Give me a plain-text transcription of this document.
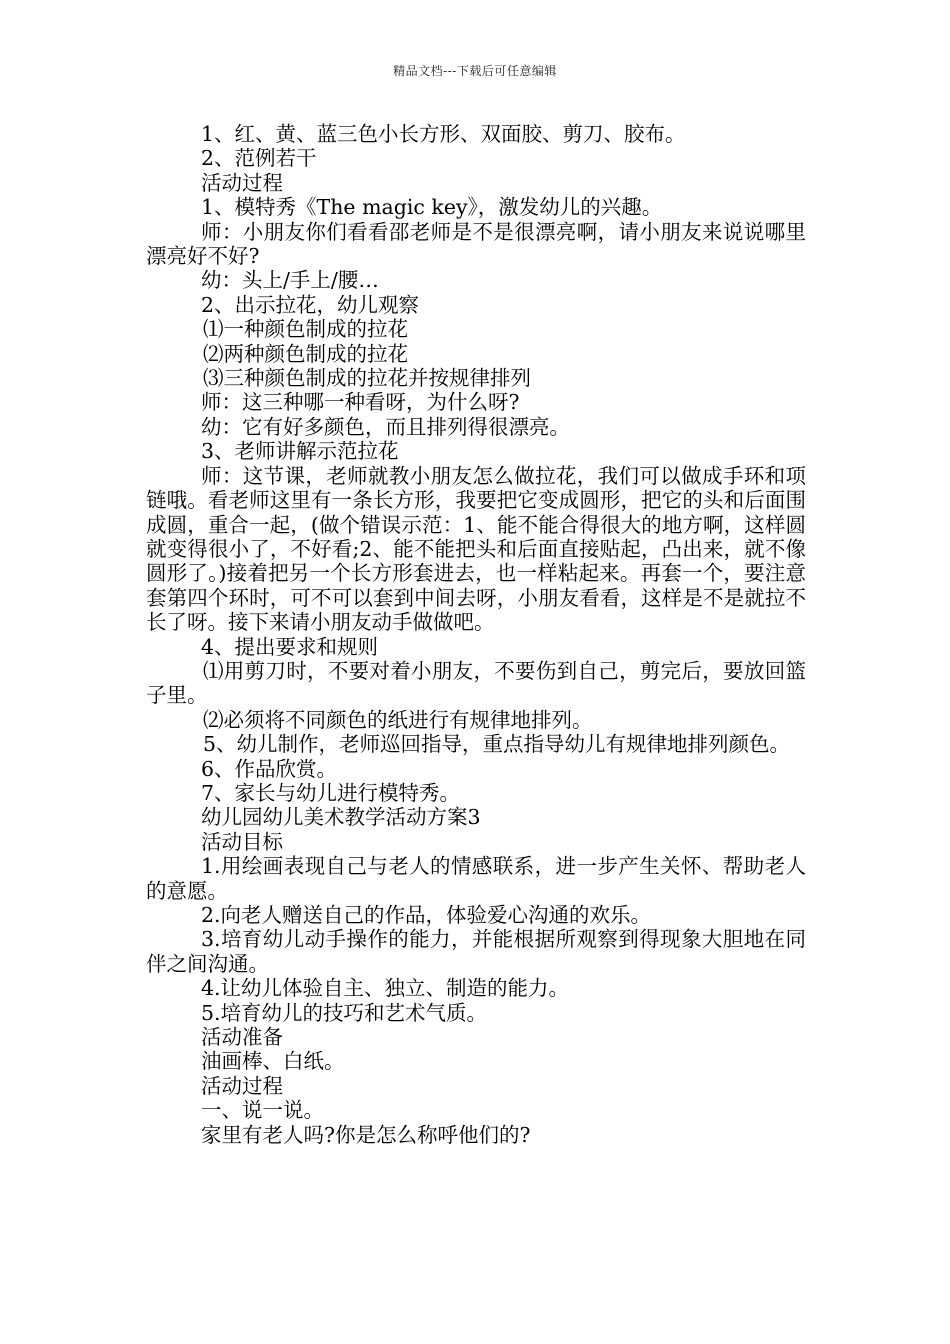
精品文档---下载后可任意编辑

1、红、黄、蓝三色小长方形、双面胶、剪刀、胶布。

2、范例若干

活动过程

1、模特秀《The magic key》，激发幼儿的兴趣。

师：小朋友你们看看邵老师是不是很漂亮啊，请小朋友来说说哪里漂亮好不好?

幼：头上/手上/腰…

2、出示拉花，幼儿观察

⑴一种颜色制成的拉花

⑵两种颜色制成的拉花

⑶三种颜色制成的拉花并按规律排列

师：这三种哪一种看呀，为什么呀?

幼：它有好多颜色，而且排列得很漂亮。

3、老师讲解示范拉花

师：这节课，老师就教小朋友怎么做拉花，我们可以做成手环和项链哦。看老师这里有一条长方形，我要把它变成圆形，把它的头和后面围成圆，重合一起，(做个错误示范：1、能不能合得很大的地方啊，这样圆就变得很小了，不好看;2、能不能把头和后面直接贴起，凸出来，就不像圆形了。)接着把另一个长方形套进去，也一样粘起来。再套一个，要注意套第四个环时，可不可以套到中间去呀，小朋友看看，这样是不是就拉不长了呀。接下来请小朋友动手做做吧。

4、提出要求和规则

⑴用剪刀时，不要对着小朋友，不要伤到自己，剪完后，要放回篮子里。

⑵必须将不同颜色的纸进行有规律地排列。

5、幼儿制作，老师巡回指导，重点指导幼儿有规律地排列颜色。

6、作品欣赏。

7、家长与幼儿进行模特秀。

幼儿园幼儿美术教学活动方案3

活动目标

1.用绘画表现自己与老人的情感联系，进一步产生关怀、帮助老人的意愿。

2.向老人赠送自己的作品，体验爱心沟通的欢乐。

3.培育幼儿动手操作的能力，并能根据所观察到得现象大胆地在同伴之间沟通。

4.让幼儿体验自主、独立、制造的能力。

5.培育幼儿的技巧和艺术气质。

活动准备

油画棒、白纸。

活动过程

一、说一说。

家里有老人吗?你是怎么称呼他们的?
